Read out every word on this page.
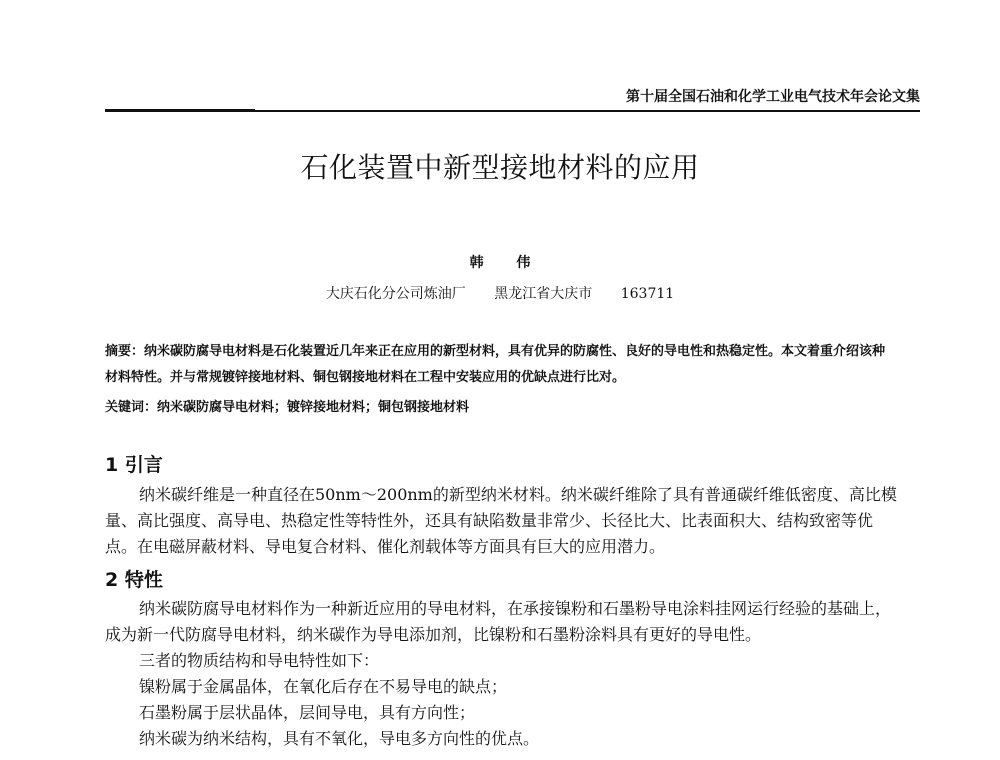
第十届全国石油和化学工业电气技术年会论文集
石化装置中新型接地材料的应用
韩 伟
大庆石化分公司炼油厂 黑龙江省大庆市 163711
摘要：纳米碳防腐导电材料是石化装置近几年来正在应用的新型材料，具有优异的防腐性、良好的导电性和热稳定性。本文着重介绍该种材料特性。并与常规镀锌接地材料、铜包钢接地材料在工程中安装应用的优缺点进行比对。
关键词：纳米碳防腐导电材料；镀锌接地材料；铜包钢接地材料
1 引言
纳米碳纤维是一种直径在50nm～200nm的新型纳米材料。纳米碳纤维除了具有普通碳纤维低密度、高比模量、高比强度、高导电、热稳定性等特性外，还具有缺陷数量非常少、长径比大、比表面积大、结构致密等优点。在电磁屏蔽材料、导电复合材料、催化剂载体等方面具有巨大的应用潜力。
2 特性
纳米碳防腐导电材料作为一种新近应用的导电材料，在承接镍粉和石墨粉导电涂料挂网运行经验的基础上，成为新一代防腐导电材料，纳米碳作为导电添加剂，比镍粉和石墨粉涂料具有更好的导电性。
三者的物质结构和导电特性如下：
镍粉属于金属晶体，在氧化后存在不易导电的缺点；
石墨粉属于层状晶体，层间导电，具有方向性；
纳米碳为纳米结构，具有不氧化，导电多方向性的优点。
